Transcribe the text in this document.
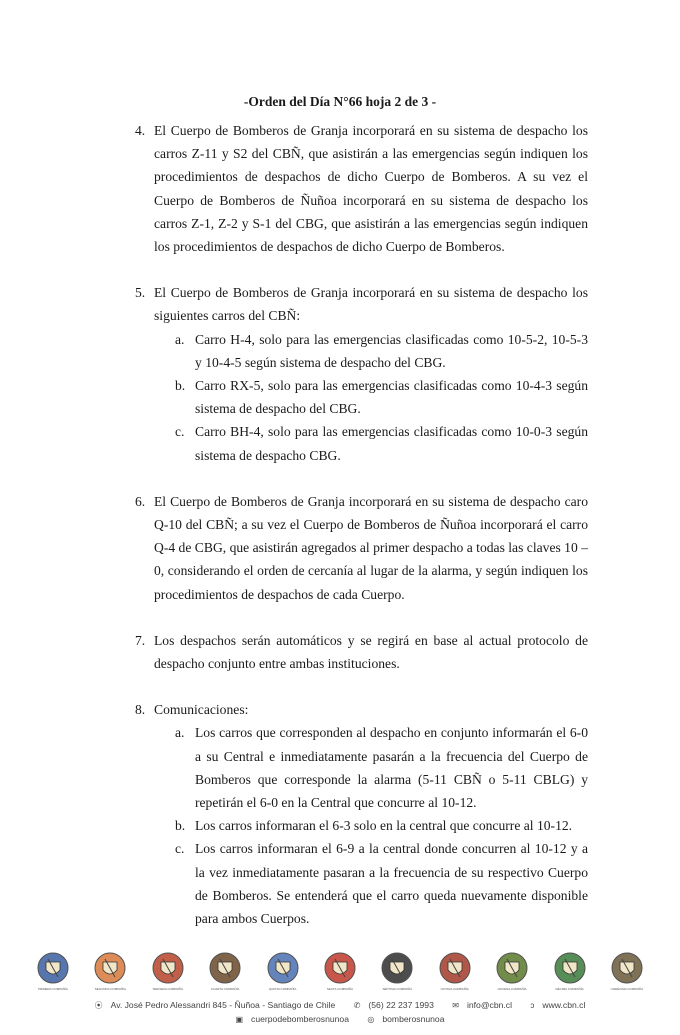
-Orden del Día N°66 hoja 2 de 3 -
4. El Cuerpo de Bomberos de Granja incorporará en su sistema de despacho los carros Z-11 y S2 del CBÑ, que asistirán a las emergencias según indiquen los procedimientos de despachos de dicho Cuerpo de Bomberos. A su vez el Cuerpo de Bomberos de Ñuñoa incorporará en su sistema de despacho los carros Z-1, Z-2 y S-1 del CBG, que asistirán a las emergencias según indiquen los procedimientos de despachos de dicho Cuerpo de Bomberos.
5. El Cuerpo de Bomberos de Granja incorporará en su sistema de despacho los siguientes carros del CBÑ:
a. Carro H-4, solo para las emergencias clasificadas como 10-5-2, 10-5-3 y 10-4-5 según sistema de despacho del CBG.
b. Carro RX-5, solo para las emergencias clasificadas como 10-4-3 según sistema de despacho del CBG.
c. Carro BH-4, solo para las emergencias clasificadas como 10-0-3 según sistema de despacho CBG.
6. El Cuerpo de Bomberos de Granja incorporará en su sistema de despacho caro Q-10 del CBÑ; a su vez el Cuerpo de Bomberos de Ñuñoa incorporará el carro Q-4 de CBG, que asistirán agregados al primer despacho a todas las claves 10 – 0, considerando el orden de cercanía al lugar de la alarma, y según indiquen los procedimientos de despachos de cada Cuerpo.
7. Los despachos serán automáticos y se regirá en base al actual protocolo de despacho conjunto entre ambas instituciones.
8. Comunicaciones:
a. Los carros que corresponden al despacho en conjunto informarán el 6-0 a su Central e inmediatamente pasarán a la frecuencia del Cuerpo de Bomberos que corresponde la alarma (5-11 CBÑ o 5-11 CBLG) y repetirán el 6-0 en la Central que concurre al 10-12.
b. Los carros informaran el 6-3 solo en la central que concurre al 10-12.
c. Los carros informaran el 6-9 a la central donde concurren al 10-12 y a la vez inmediatamente pasaran a la frecuencia de su respectivo Cuerpo de Bomberos. Se entenderá que el carro queda nuevamente disponible para ambos Cuerpos.
PRIMERA COMPAÑÍA	SEGUNDA COMPAÑÍA	TERCERA COMPAÑÍA	CUARTA COMPAÑÍA	QUINTA COMPAÑÍA	SEXTA COMPAÑÍA	SÉPTIMA COMPAÑÍA	OCTAVA COMPAÑÍA	NOVENA COMPAÑÍA	DÉCIMA COMPAÑÍA	UNDÉCIMA COMPAÑÍA
⦿ Av. José Pedro Alessandri 845 - Ñuñoa - Santiago de Chile ✆ (56) 22 237 1993 ✉ info@cbn.cl ↄ www.cbn.cl
▣ cuerpodebomberosnunoa ◎ bomberosnunoa
